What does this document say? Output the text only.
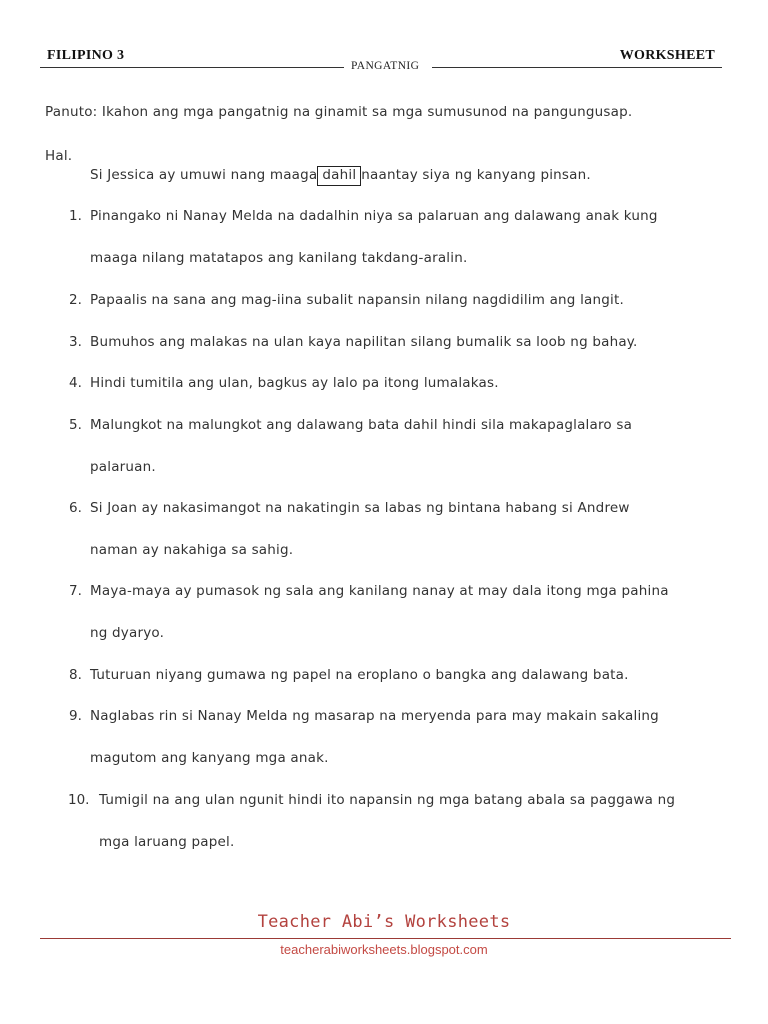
FILIPINO 3	WORKSHEET
PANGATNIG
Panuto: Ikahon ang mga pangatnig na ginamit sa mga sumusunod na pangungusap.
Hal.
Si Jessica ay umuwi nang maaga dahil naantay siya ng kanyang pinsan.
1. Pinangako ni Nanay Melda na dadalhin niya sa palaruan ang dalawang anak kung
maaga nilang matatapos ang kanilang takdang-aralin.
2. Papaalis na sana ang mag-iina subalit napansin nilang nagdidilim ang langit.
3. Bumuhos ang malakas na ulan kaya napilitan silang bumalik sa loob ng bahay.
4. Hindi tumitila ang ulan, bagkus ay lalo pa itong lumalakas.
5. Malungkot na malungkot ang dalawang bata dahil hindi sila makapaglalaro sa
palaruan.
6. Si Joan ay nakasimangot na nakatingin sa labas ng bintana habang si Andrew
naman ay nakahiga sa sahig.
7. Maya-maya ay pumasok ng sala ang kanilang nanay at may dala itong mga pahina
ng dyaryo.
8. Tuturuan niyang gumawa ng papel na eroplano o bangka ang dalawang bata.
9. Naglabas rin si Nanay Melda ng masarap na meryenda para may makain sakaling
magutom ang kanyang mga anak.
10. Tumigil na ang ulan ngunit hindi ito napansin ng mga batang abala sa paggawa ng
mga laruang papel.
Teacher Abi’s Worksheets
teacherabiworksheets.blogspot.com
